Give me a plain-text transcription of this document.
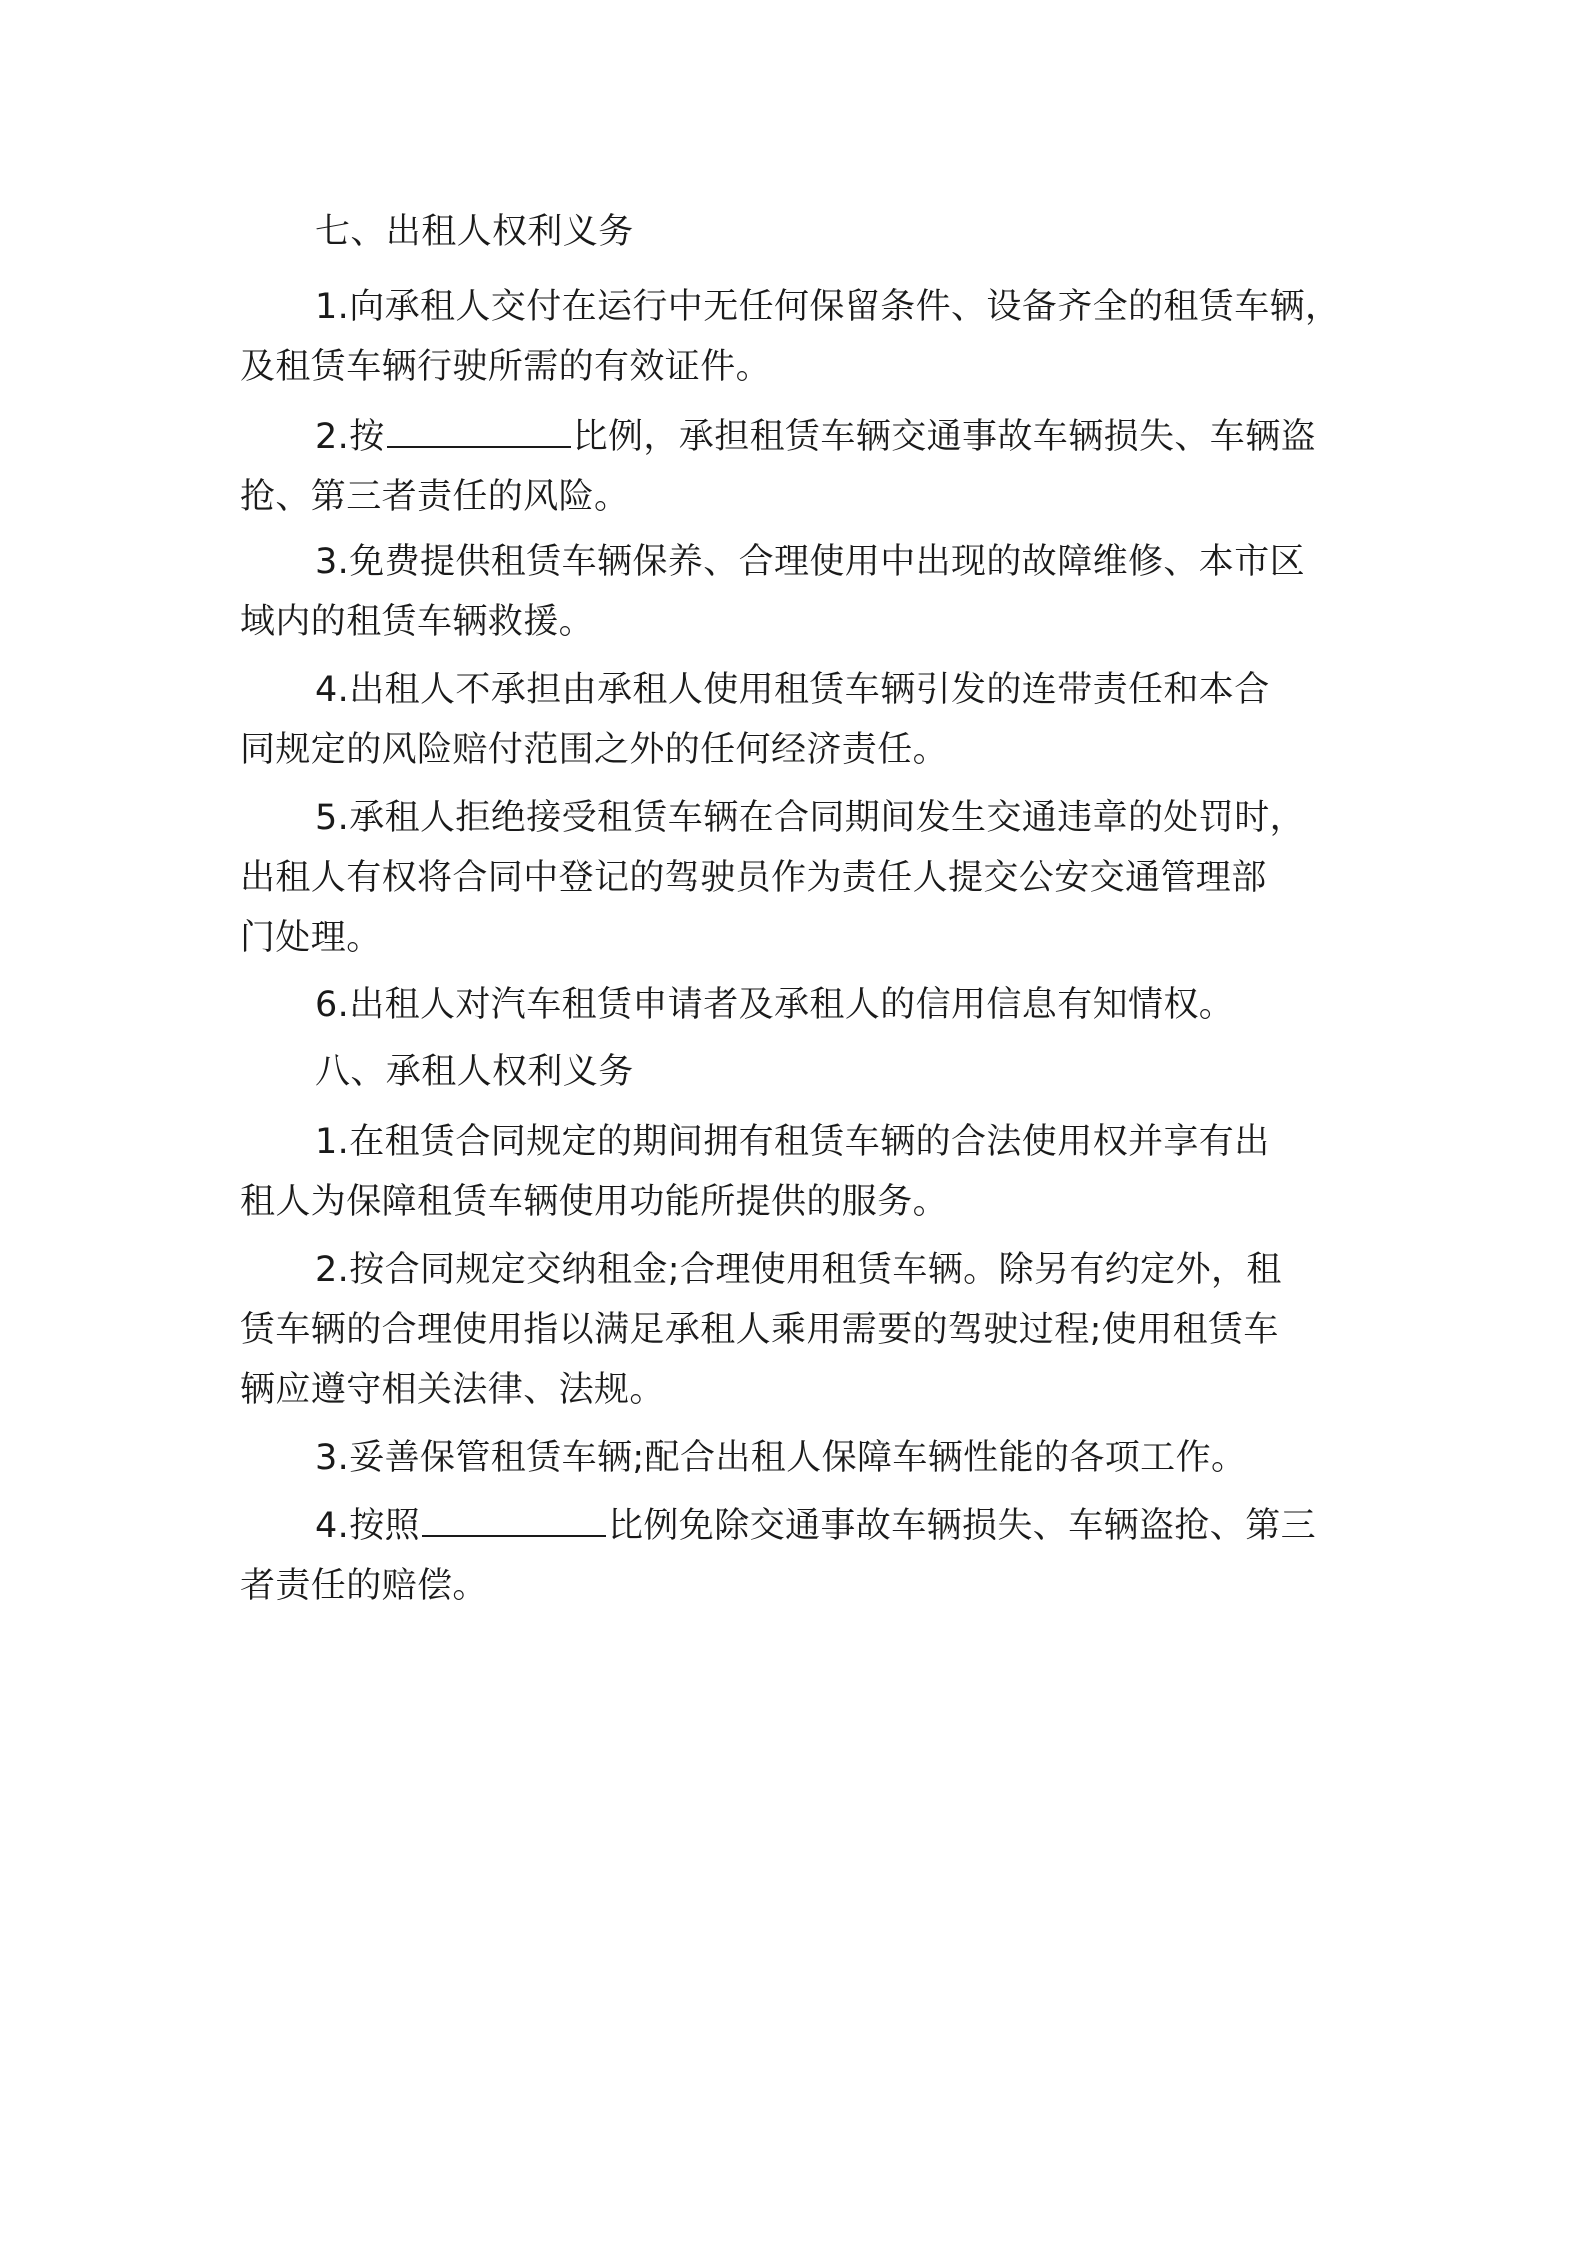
七、出租人权利义务
1.向承租人交付在运行中无任何保留条件、设备齐全的租赁车辆，
及租赁车辆行驶所需的有效证件。
2.按	比例，承担租赁车辆交通事故车辆损失、车辆盗
抢、第三者责任的风险。
3.免费提供租赁车辆保养、合理使用中出现的故障维修、本市区
域内的租赁车辆救援。
4.出租人不承担由承租人使用租赁车辆引发的连带责任和本合
同规定的风险赔付范围之外的任何经济责任。
5.承租人拒绝接受租赁车辆在合同期间发生交通违章的处罚时，
出租人有权将合同中登记的驾驶员作为责任人提交公安交通管理部
门处理。
6.出租人对汽车租赁申请者及承租人的信用信息有知情权。
八、承租人权利义务
1.在租赁合同规定的期间拥有租赁车辆的合法使用权并享有出
租人为保障租赁车辆使用功能所提供的服务。
2.按合同规定交纳租金;合理使用租赁车辆。除另有约定外，租
赁车辆的合理使用指以满足承租人乘用需要的驾驶过程;使用租赁车
辆应遵守相关法律、法规。
3.妥善保管租赁车辆;配合出租人保障车辆性能的各项工作。
4.按照	比例免除交通事故车辆损失、车辆盗抢、第三
者责任的赔偿。
